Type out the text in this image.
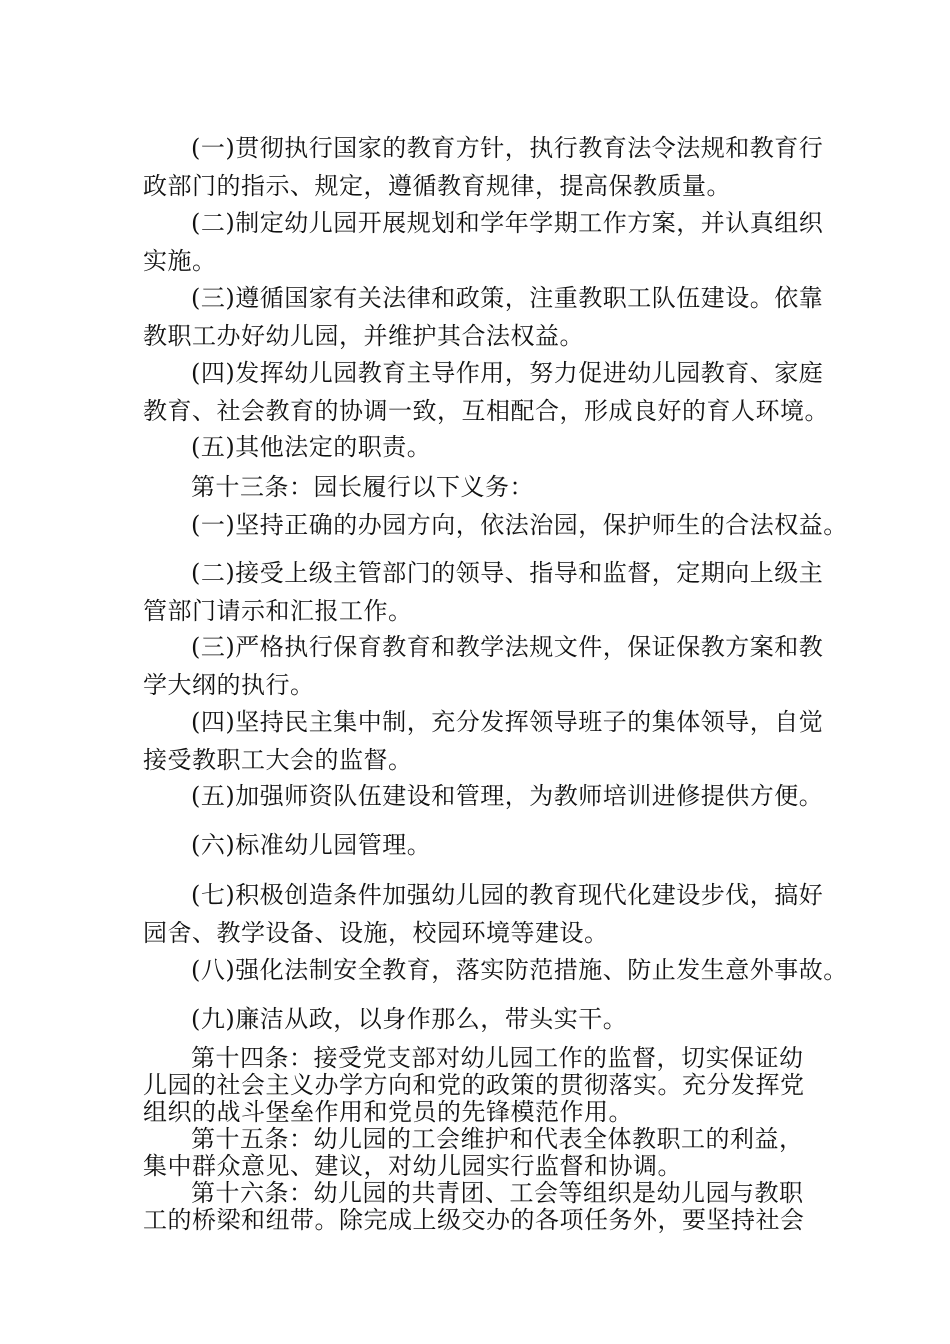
(一)贯彻执行国家的教育方针，执行教育法令法规和教育行
政部门的指示、规定，遵循教育规律，提高保教质量。
(二)制定幼儿园开展规划和学年学期工作方案，并认真组织
实施。
(三)遵循国家有关法律和政策，注重教职工队伍建设。依靠
教职工办好幼儿园，并维护其合法权益。
(四)发挥幼儿园教育主导作用，努力促进幼儿园教育、家庭
教育、社会教育的协调一致，互相配合，形成良好的育人环境。
(五)其他法定的职责。
第十三条：园长履行以下义务：
(一)坚持正确的办园方向，依法治园，保护师生的合法权益。
(二)接受上级主管部门的领导、指导和监督，定期向上级主
管部门请示和汇报工作。
(三)严格执行保育教育和教学法规文件，保证保教方案和教
学大纲的执行。
(四)坚持民主集中制，充分发挥领导班子的集体领导，自觉
接受教职工大会的监督。
(五)加强师资队伍建设和管理，为教师培训进修提供方便。
(六)标准幼儿园管理。
(七)积极创造条件加强幼儿园的教育现代化建设步伐，搞好
园舍、教学设备、设施，校园环境等建设。
(八)强化法制安全教育，落实防范措施、防止发生意外事故。
(九)廉洁从政，以身作那么，带头实干。
第十四条：接受党支部对幼儿园工作的监督，切实保证幼
儿园的社会主义办学方向和党的政策的贯彻落实。充分发挥党
组织的战斗堡垒作用和党员的先锋模范作用。
第十五条：幼儿园的工会维护和代表全体教职工的利益，
集中群众意见、建议，对幼儿园实行监督和协调。
第十六条：幼儿园的共青团、工会等组织是幼儿园与教职
工的桥梁和纽带。除完成上级交办的各项任务外，要坚持社会
